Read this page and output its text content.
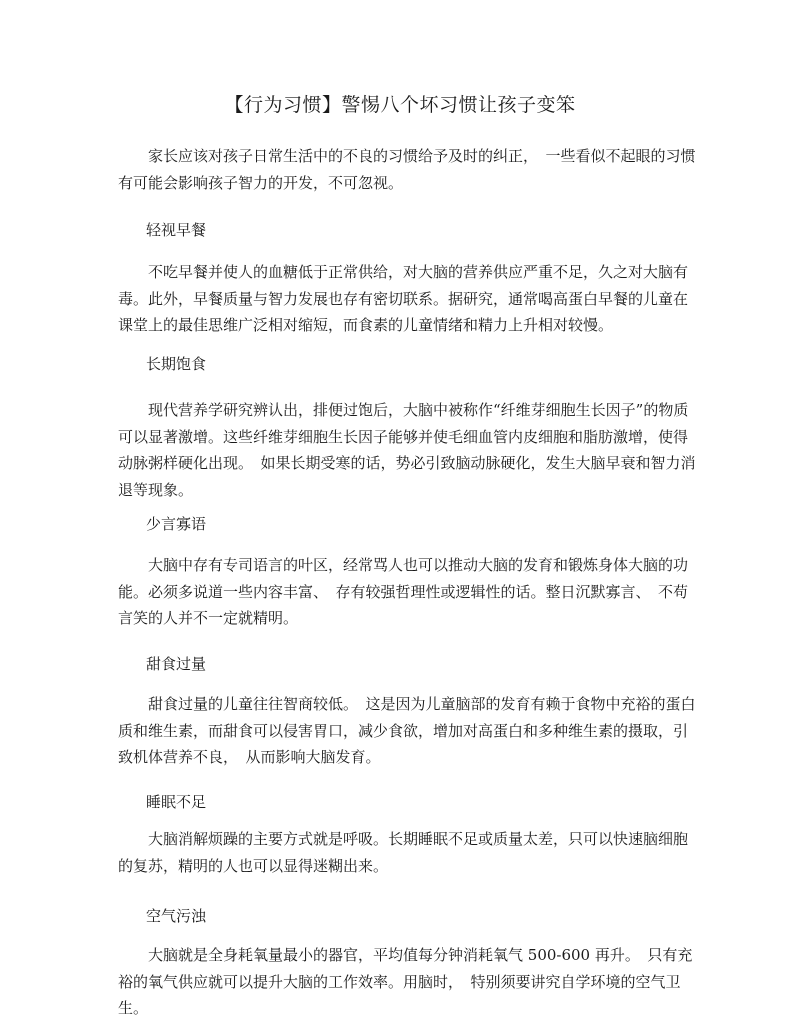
【行为习惯】警惕八个坏习惯让孩子变笨
家长应该对孩子日常生活中的不良的习惯给予及时的纠正，　一些看似不起眼的习惯有可能会影响孩子智力的开发，不可忽视。
轻视早餐
不吃早餐并使人的血糖低于正常供给，对大脑的营养供应严重不足，久之对大脑有毒。此外，早餐质量与智力发展也存有密切联系。据研究，通常喝高蛋白早餐的儿童在课堂上的最佳思维广泛相对缩短，而食素的儿童情绪和精力上升相对较慢。
长期饱食
现代营养学研究辨认出，排便过饱后，大脑中被称作“纤维芽细胞生长因子”的物质可以显著激增。这些纤维芽细胞生长因子能够并使毛细血管内皮细胞和脂肪激增，使得动脉粥样硬化出现。　如果长期受寒的话，势必引致脑动脉硬化，发生大脑早衰和智力消退等现象。
少言寡语
大脑中存有专司语言的叶区，经常骂人也可以推动大脑的发育和锻炼身体大脑的功能。必须多说道一些内容丰富、　存有较强哲理性或逻辑性的话。整日沉默寡言、　不苟言笑的人并不一定就精明。
甜食过量
甜食过量的儿童往往智商较低。　这是因为儿童脑部的发育有赖于食物中充裕的蛋白质和维生素，而甜食可以侵害胃口，减少食欲，增加对高蛋白和多种维生素的摄取，引致机体营养不良，　从而影响大脑发育。
睡眠不足
大脑消解烦躁的主要方式就是呼吸。长期睡眠不足或质量太差，只可以快速脑细胞的复苏，精明的人也可以显得迷糊出来。
空气污浊
大脑就是全身耗氧量最小的器官，平均值每分钟消耗氧气 500-600 再升。　只有充裕的氧气供应就可以提升大脑的工作效率。用脑时，　特别须要讲究自学环境的空气卫生。
